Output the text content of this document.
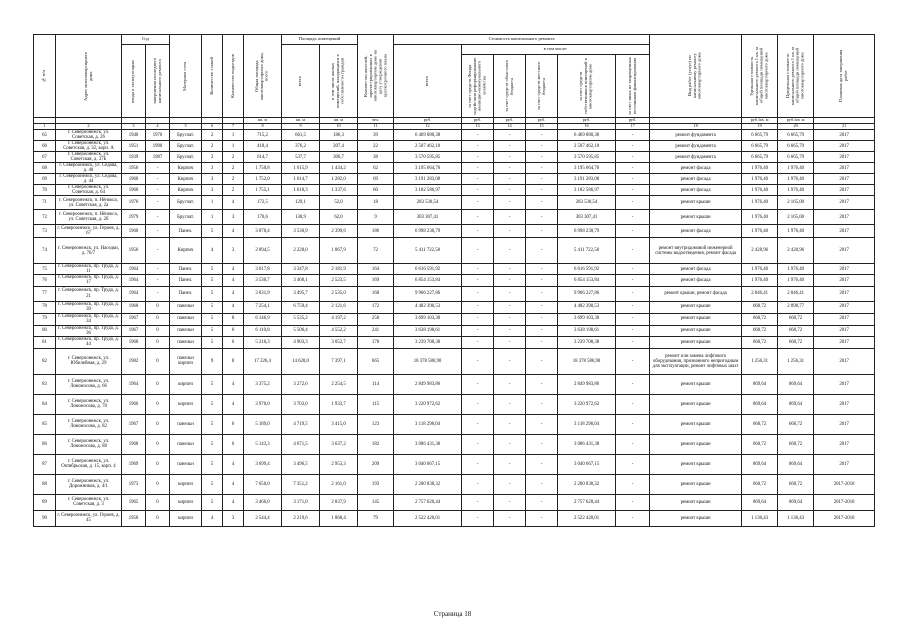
№ п/п	Адрес многоквартирного дома	Год		Материал стен	Количество этажей	Количество подъездов	Общая площадь многоквартирного дома, всего	Площадь помещений		Количество жителей, зарегистрированных в многоквартирном доме на дату утверждения краткосрочного плана	Стоимость капитального ремонта						Вид работ (услуг) по капитальному ремонту многоквартирного дома	Удельная стоимость капитального ремонта 1 кв. м общей площади помещений многоквартирного дома	Предельная стоимость капитального ремонта 1 кв. м общей площади помещений многоквартирного дома	Плановая дата завершения работ

		ввода в эксплуатацию	завершения последнего капитального ремонта					всего	в том числе жилых помещений, находящихся в собственности граждан		всего	в том числе:								

												за счет средств Фонда содействия реформированию жилищно-коммунального хозяйства	за счет средств областного бюджета	за счет средств местного бюджета	за счет средств собственников помещений в многоквартирном доме	за счет иных не запрещенных источников финансирования				

							кв. м	кв. м	кв. м	чел.	руб.	руб.	руб.	руб.	руб.	руб.		руб./кв. м	руб./кв. м	
1	2	3	4	5	6	7	8	9	10	11	12	13	14	15	16	17	18	19	20	21
65	г. Североонежск, ул. Советская, д. 26	1940	1970	Брусчат.	2	1	715,2	661,5	186,3	39	6 469 080,38	-	-	-	6 469 080,38	-	ремонт фундамента	6 665,79	6 665,79	2017
66	г. Североонежск, ул. Советская, д. 32, корп. А	1951	1990	Брусчат.	2	1	418,4	376,2	207,4	22	2 507 462,10	-	-	-	2 507 462,10	-	ремонт фундамента	6 665,79	6 665,79	2017
67	г. Североонежск, ул. Советская, д. 37Б	1939	1987	Брусчат.	2	2	614,7	537,7	306,7	38	3 570 595,85	-	-	-	3 570 595,85	-	ремонт фундамента	6 665,79	6 665,79	2017
68	г. Североонежск, ул. Седова, д. 40	1956	-	Кирпич	3	2	1 750,8	1 615,9	1 434,2	62	3 195 664,76	-	-	-	3 195 664,76	-	ремонт фасада	1 976,40	1 976,40	2017
69	г. Североонежск, ул. Седова, д. 44	1960	-	Кирпич	3	2	1 752,0	1 614,7	1 282,0	69	3 191 283,08	-	-	-	3 191 283,08	-	ремонт фасада	1 976,40	1 976,40	2017
70	г. Североонежск, ул. Советская, д. 64	1960	-	Кирпич	3	2	1 755,1	1 610,3	1 337,6	60	3 182 586,97	-	-	-	3 182 586,97	-	ремонт фасада	1 976,40	1 976,40	2017
71	г. Североонежск, п. Нёноксa, ул. Советская, д. 2а	1976	-	Брусчат.	1	4	172,5	129,1	52,0	18	283 530,54	-	-	-	283 530,54	-	ремонт крыши	1 976,40	2 165,00	2017
72	г. Североонежск, п. Нёнокса, ул. Советская, д. 2б	1979	-	Брусчат.	1	3	170,6	138,9	62,0	9	303 307,41	-	-	-	303 307,41	-	ремонт крыши	1 976,40	2 165,00	2017
73	г. Североонежск, ул. Героев, д. 67	1960	-	Панел.	5	4	3 878,4	3 530,9	2 399,6	186	6 998 230,79	-	-	-	6 998 230,79	-	ремонт фасада	1 976,40	1 976,40	2017
74	г. Североонежск, ул. Наседки, д. 76/7	1956	-	Кирпич	4	3	2 094,5	2 228,0	1 867,9	72	5 411 722,58	-	-	-	5 411 722,58	-	ремонт внутридомовой инженерной системы водоотведения, ремонт фасада	2 428,96	2 428,96	2017
75	г. Североонежск, пр. Труда, д. 11	1964	-	Панел.	5	4	3 617,8	3 347,8	2 181,9	164	6 616 591,92	-	-	-	6 616 591,92	-	ремонт фасада	1 976,40	1 976,40	2017
76	г. Североонежск, пр. Труда, д. 17	1964	-	Панел.	5	4	3 530,7	3 468,1	2 523,5	169	6 854 153,84	-	-	-	6 854 153,84	-	ремонт фасада	1 976,40	1 976,40	2017
77	г. Североонежск, пр. Труда, д. 21	1964	-	Панел.	5	4	3 831,9	3 495,7	2 535,0	160	9 966 227,86	-	-	-	9 966 227,86	-	ремонт крыши, ремонт фасада	2 846,41	2 846,41	2017
78	г. Североонежск, пр. Труда, д. 30	1968	0	панельн	5	4	7 254,1	6 759,4	2 121,6	172	4 482 390,53	-	-	-	4 482 390,53	-	ремонт крыши	660,72	2 898,77	2017
79	г. Североонежск, пр. Труда, д. 34	1967	0	панельн	5	8	6 146,9	5 535,2	4 197,2	258	3 699 103,30	-	-	-	3 699 103,30	-	ремонт крыши	660,72	660,72	2017
80	г. Североонежск, пр. Труда, д. 36	1967	0	панельн	5	6	6 110,8	5 506,4	4 552,2	241	3 638 198,61	-	-	-	3 638 198,61	-	ремонт крыши	660,72	660,72	2017
81	г. Североонежск, пр. Труда, д. 44	1968	0	панельн	5	6	5 216,3	4 903,3	3 052,7	178	3 239 708,38	-	-	-	3 239 708,38	-	ремонт крыши	660,72	660,72	2017
82	г. Североонежск, ул. Юбилейная, д. 29	1982	0	панельн кирпич	9	8	17 226,4	14 620,0	7 397,1	665	18 378 586,90	-	-	-	18 378 586,90	-	ремонт или замена лифтового оборудования, признанного непригодным для эксплуатации, ремонт лифтовых шахт	1 256,31	1 256,31	2017
83	г. Североонежск, ул. Ломоносова, д. 66	1964	0	кирпич	5	4	3 375,2	3 272,6	2 254,5	114	2 849 983,86	-	-	-	2 849 983,86	-	ремонт крыши	869,64	869,64	2017
84	г. Североонежск, ул. Ломоносова, д. 78	1966	0	кирпич	5	4	3 970,0	3 703,0	1 933,7	115	3 220 972,62	-	-	-	3 220 972,62	-	ремонт крыши	869,64	869,64	2017
85	г. Североонежск, ул. Ломоносова, д. 82	1967	0	панельн	5	6	5 189,0	4 719,5	3 415,0	123	3 118 298,04	-	-	-	3 118 298,04	-	ремонт крыши	660,72	660,72	2017
86	г. Североонежск, ул. Ломоносова, д. 88	1968	0	панельн	5	6	5 143,3	4 671,5	3 637,2	182	3 086 431,38	-	-	-	3 086 431,38	-	ремонт крыши	660,72	660,72	2017
87	г. Североонежск, ул. Октябрьская, д. 15, корп. 4	1969	0	панельн	5	4	3 699,4	3 496,5	2 953,3	209	3 040 667,15	-	-	-	3 040 667,15	-	ремонт крыши	869,64	869,64	2017
88	г. Североонежск, ул. Дорожников, д. 4/1	1973	0	кирпич	5	4	7 650,0	7 351,2	2 161,0	193	2 200 838,32	-	-	-	2 200 838,32	-	ремонт крыши	660,72	660,72	2017-2018
89	г. Североонежск, ул. Советская, д. 3	1965	0	кирпич	5	4	3 466,0	3 171,0	2 837,9	145	2 757 620,44	-	-	-	2 757 620,44	-	ремонт крыши	869,64	869,64	2017-2018
90	г. Североонежск, ул. Героев, д. 45	1958	0	кирпич	4	3	2 544,4	2 219,6	1 868,4	79	2 522 420,01	-	-	-	2 522 420,01	-	ремонт крыши	1 136,43	1 136,43	2017-2018
Страница 18
